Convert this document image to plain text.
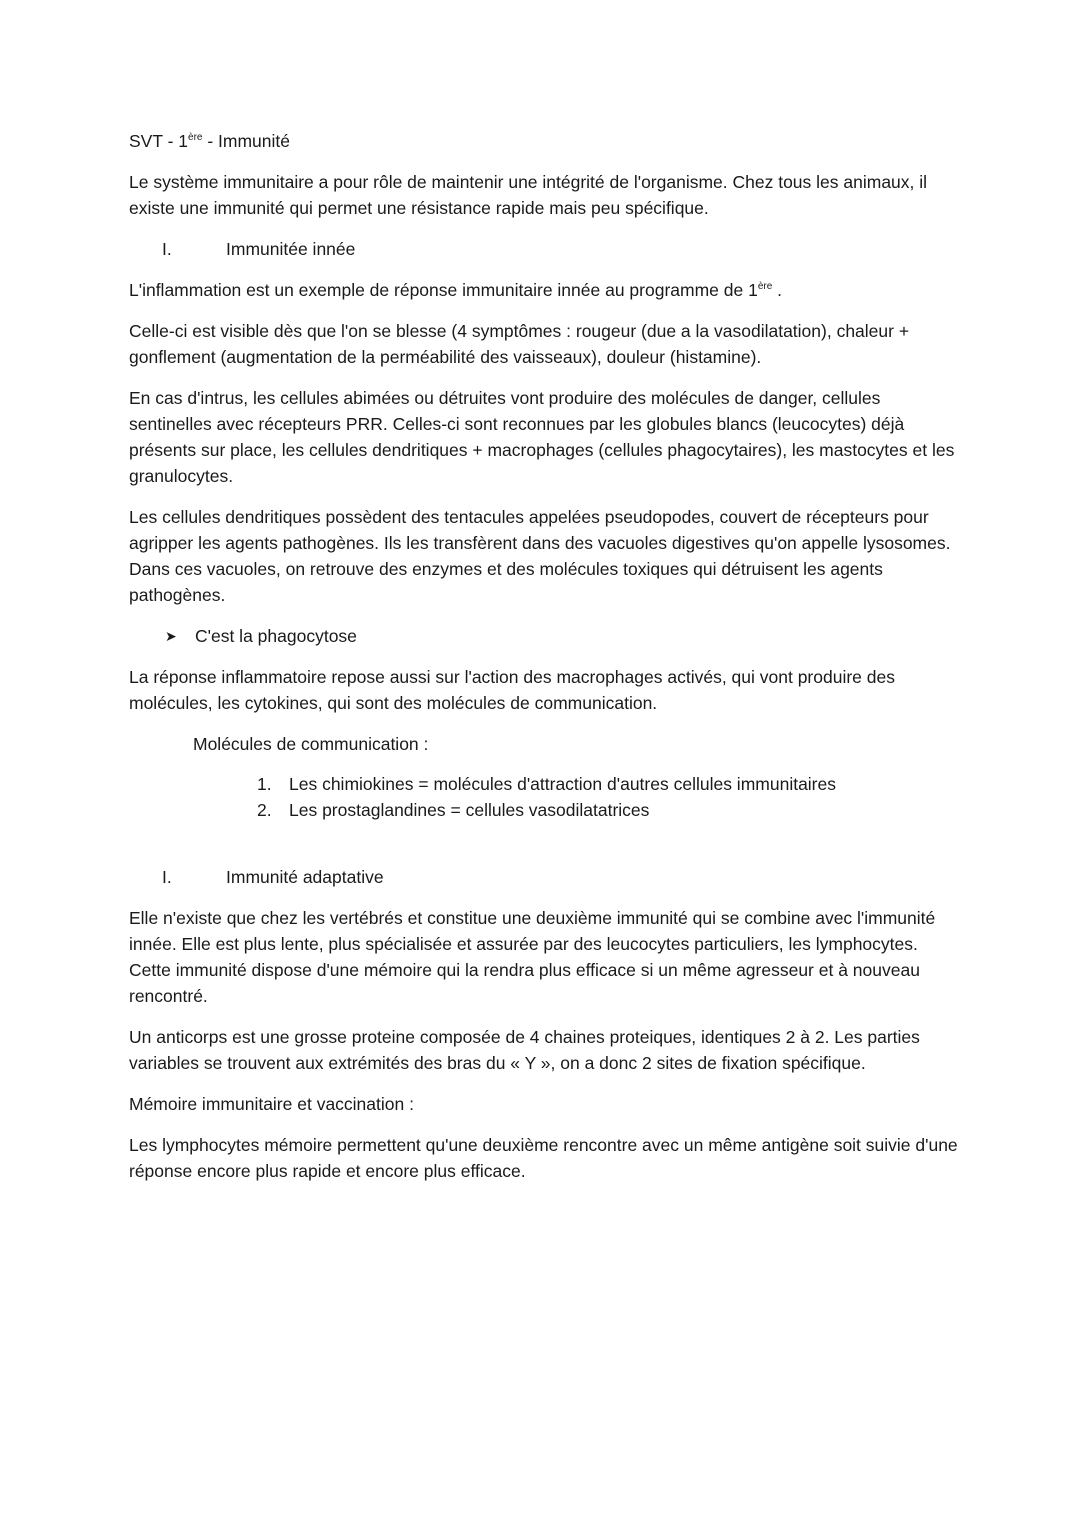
SVT - 1ère - Immunité

Le système immunitaire a pour rôle de maintenir une intégrité de l'organisme. Chez tous les animaux, il existe une immunité qui permet une résistance rapide mais peu spécifique.

I.	Immunitée innée

L'inflammation est un exemple de réponse immunitaire innée au programme de 1ère .

Celle-ci est visible dès que l'on se blesse (4 symptômes : rougeur (due a la vasodilatation), chaleur + gonflement (augmentation de la perméabilité des vaisseaux), douleur (histamine).

En cas d'intrus, les cellules abimées ou détruites vont produire des molécules de danger, cellules sentinelles avec récepteurs PRR. Celles-ci sont reconnues par les globules blancs (leucocytes) déjà présents sur place, les cellules dendritiques + macrophages (cellules phagocytaires), les mastocytes et les granulocytes.

Les cellules dendritiques possèdent des tentacules appelées pseudopodes, couvert de récepteurs pour agripper les agents pathogènes. Ils les transfèrent dans des vacuoles digestives qu'on appelle lysosomes. Dans ces vacuoles, on retrouve des enzymes et des molécules toxiques qui détruisent les agents pathogènes.

➤	C'est la phagocytose

La réponse inflammatoire repose aussi sur l'action des macrophages activés, qui vont produire des molécules, les cytokines, qui sont des molécules de communication.

Molécules de communication :
1. Les chimiokines = molécules d'attraction d'autres cellules immunitaires
2. Les prostaglandines = cellules vasodilatatrices
I.	Immunité adaptative

Elle n'existe que chez les vertébrés et constitue une deuxième immunité qui se combine avec l'immunité innée. Elle est plus lente, plus spécialisée et assurée par des leucocytes particuliers, les lymphocytes. Cette immunité dispose d'une mémoire qui la rendra plus efficace si un même agresseur et à nouveau rencontré.

Un anticorps est une grosse proteine composée de 4 chaines proteiques, identiques 2 à 2. Les parties variables se trouvent aux extrémités des bras du « Y », on a donc 2 sites de fixation spécifique.

Mémoire immunitaire et vaccination :

Les lymphocytes mémoire permettent qu'une deuxième rencontre avec un même antigène soit suivie d'une réponse encore plus rapide et encore plus efficace.
